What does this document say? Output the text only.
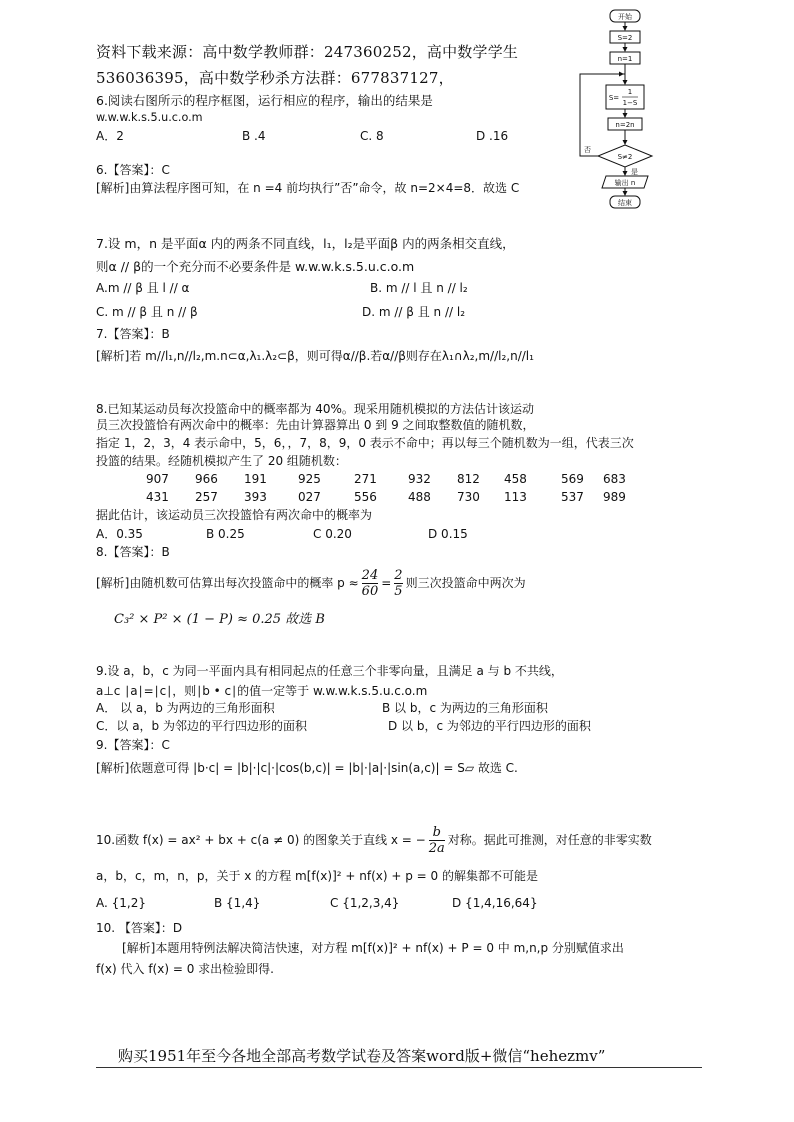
开始
S=2
n=1
S=
1
1−S
n=2n
S≠2
是
否
输出 n
结束
资料下载来源：高中数学教师群：247360252，高中数学学生
536036395，高中数学秒杀方法群：677837127，
6.阅读右图所示的程序框图，运行相应的程序，输出的结果是
w.w.w.k.s.5.u.c.o.m
A．2	B .4	C. 8	D .16
6.【答案】：C
[解析]由算法程序图可知，在 n =4 前均执行”否”命令，故 n=2×4=8．故选 C
7.设 m，n 是平面α 内的两条不同直线，l₁，l₂是平面β 内的两条相交直线，
则α // β的一个充分而不必要条件是 w.w.w.k.s.5.u.c.o.m
A.m // β 且 l // α	B. m // l 且 n // l₂
C. m // β 且 n // β	D. m // β 且 n // l₂
7.【答案】：B
[解析]若 m//l₁,n//l₂,m.n⊂α,λ₁.λ₂⊂β，则可得α//β.若α//β则存在λ₁∩λ₂,m//l₂,n//l₁
8.已知某运动员每次投篮命中的概率都为 40%。现采用随机模拟的方法估计该运动
员三次投篮恰有两次命中的概率：先由计算器算出 0 到 9 之间取整数值的随机数，
指定 1，2，3，4 表示命中，5，6，，7，8，9，0 表示不命中；再以每三个随机数为一组，代表三次
投篮的结果。经随机模拟产生了 20 组随机数：
907 966 191	925	271	932 812 458	569 683
431 257 393	027	556	488 730 113	537 989
据此估计，该运动员三次投篮恰有两次命中的概率为
A．0.35	B 0.25	C 0.20	D 0.15
8.【答案】：B
[解析]由随机数可估算出每次投篮命中的概率 $p \approx \frac{24}{60} = \frac{2}{5}$ 则三次投篮命中两次为
C₃² × P² × (1 − P) ≈ 0.25 故选 B
9.设 a，b，c 为同一平面内具有相同起点的任意三个非零向量，且满足 a 与 b 不共线，
a⊥c ∣a∣=∣c∣，则∣b • c∣的值一定等于 w.w.w.k.s.5.u.c.o.m
A． 以 a，b 为两边的三角形面积	B 以 b，c 为两边的三角形面积
C．以 a，b 为邻边的平行四边形的面积	D 以 b，c 为邻边的平行四边形的面积
9.【答案】：C
[解析]依题意可得 |b·c| = |b|·|c|·|cos(b,c)| = |b|·|a|·|sin(a,c)| = S▱ 故选 C.
10.函数 f(x) = ax² + bx + c(a ≠ 0) 的图象关于直线 x = − $\frac{b}{2a}$ 对称。据此可推测，对任意的非零实数
a，b，c，m，n，p，关于 x 的方程 m[f(x)]² + nf(x) + p = 0 的解集都不可能是
A. {1,2}	B {1,4}	C {1,2,3,4}	D {1,4,16,64}
10. 【答案】：D
[解析]本题用特例法解决简洁快速，对方程 m[f(x)]² + nf(x) + P = 0 中 m,n,p 分别赋值求出
f(x) 代入 f(x) = 0 求出检验即得.
购买1951年至今各地全部高考数学试卷及答案word版+微信“hehezmv”
